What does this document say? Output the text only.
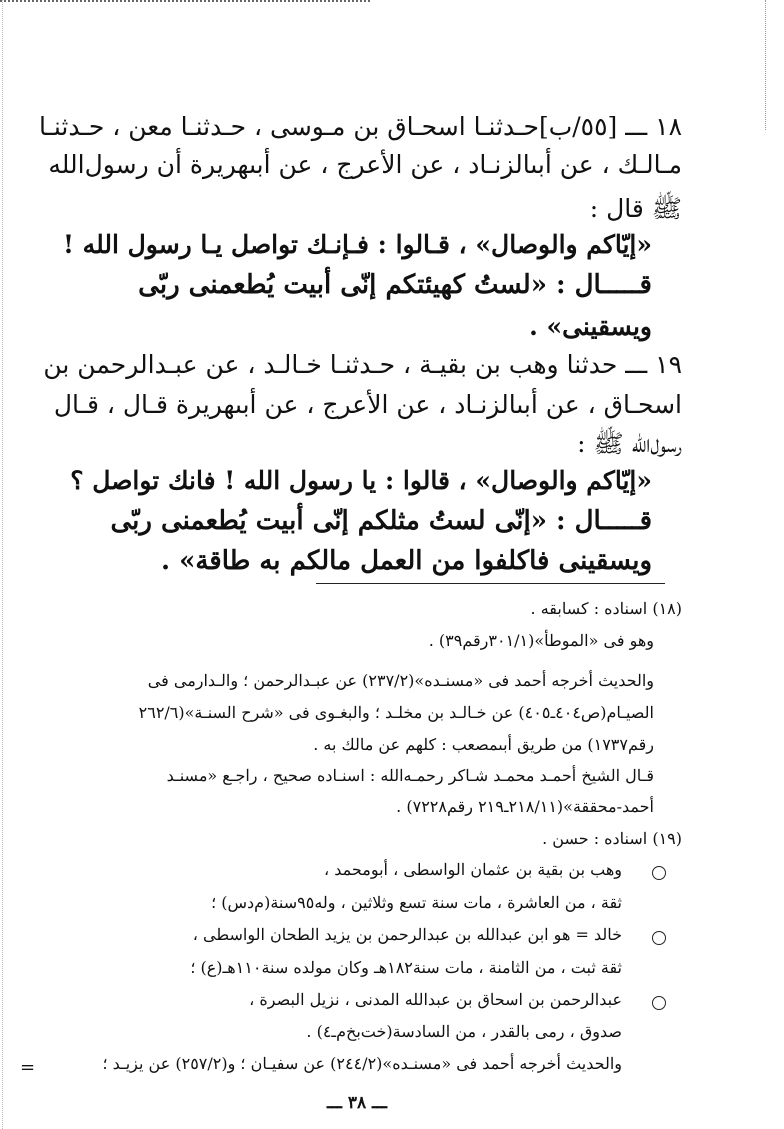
١٨ ـــ [٥٥/ب]حـدثنـا اسحـاق بن مـوسى ، حـدثنـا معن ، حـدثنـا
مـالـك ، عن أبىالزنـاد ، عن الأعرج ، عن أبىهريرة أن رسول‌الله
ﷺ قال :
«إيّاكم والوصال» ، قـالوا : فـإنـك تواصل يـا رسول الله !
قـــــال : «لستُ كهيئتكم إنّى أبيت يُطعمنى ربّى
ويسقينى» .
١٩ ـــ حدثنا وهب بن بقيـة ، حـدثنـا خـالـد ، عن عبـدالرحمن بن
اسحـاق ، عن أبىالزنـاد ، عن الأعرج ، عن أبىهريرة قـال ، قـال
رسول‌الله ﷺ :
«إيّاكم والوصال» ، قالوا : يا رسول الله ! فانك تواصل ؟
قـــــال : «إنّى لستُ مثلكم إنّى أبيت يُطعمنى ربّى
ويسقينى فاكلفوا من العمل مالكم به طاقة» .
(١٨) اسناده : كسابقه .
وهو فى «الموطأ»(٣٠١/١رقم٣٩) .
والحديث أخرجه أحمد فى «مسنـده»(٢٣٧/٢) عن عبـدالرحمن ؛ والـدارمى فى
الصيـام(ص٤٠٤ـ٤٠٥) عن خـالـد بن مخلـد ؛ والبغـوى فى «شرح السنـة»(٢٦٢/٦
رقم١٧٣٧) من طريق أبىمصعب : كلهم عن مالك به .
قـال الشيخ أحمـد محمـد شـاكر رحمـه‌الله : اسنـاده صحيح ، راجـع «مسنـد
أحمد-محققة»(٢١٨/١١ـ٢١٩ رقم٧٢٢٨) .
(١٩) اسناده : حسن .
وهب بن بقية بن عثمان الواسطى ، أبومحمد ،
ثقة ، من العاشرة ، مات سنة تسع وثلاثين ، وله٩٥سنة(م‌دس) ؛
خالد = هو ابن عبدالله بن عبدالرحمن بن يزيد الطحان الواسطى ،
ثقة ثبت ، من الثامنة ، مات سنة١٨٢هـ وكان مولده سنة١١٠هـ(ع) ؛
عبدالرحمن بن اسحاق بن عبدالله المدنى ، نزيل البصرة ،
صدوق ، رمى بالقدر ، من السادسة(خت‌بخ‌م‌ـ٤) .
والحديث أخرجه أحمد فى «مسنـده»(٢٤٤/٢) عن سفيـان ؛ و(٢٥٧/٢) عن يزيـد ؛
=
ـــ ٣٨ ـــ
